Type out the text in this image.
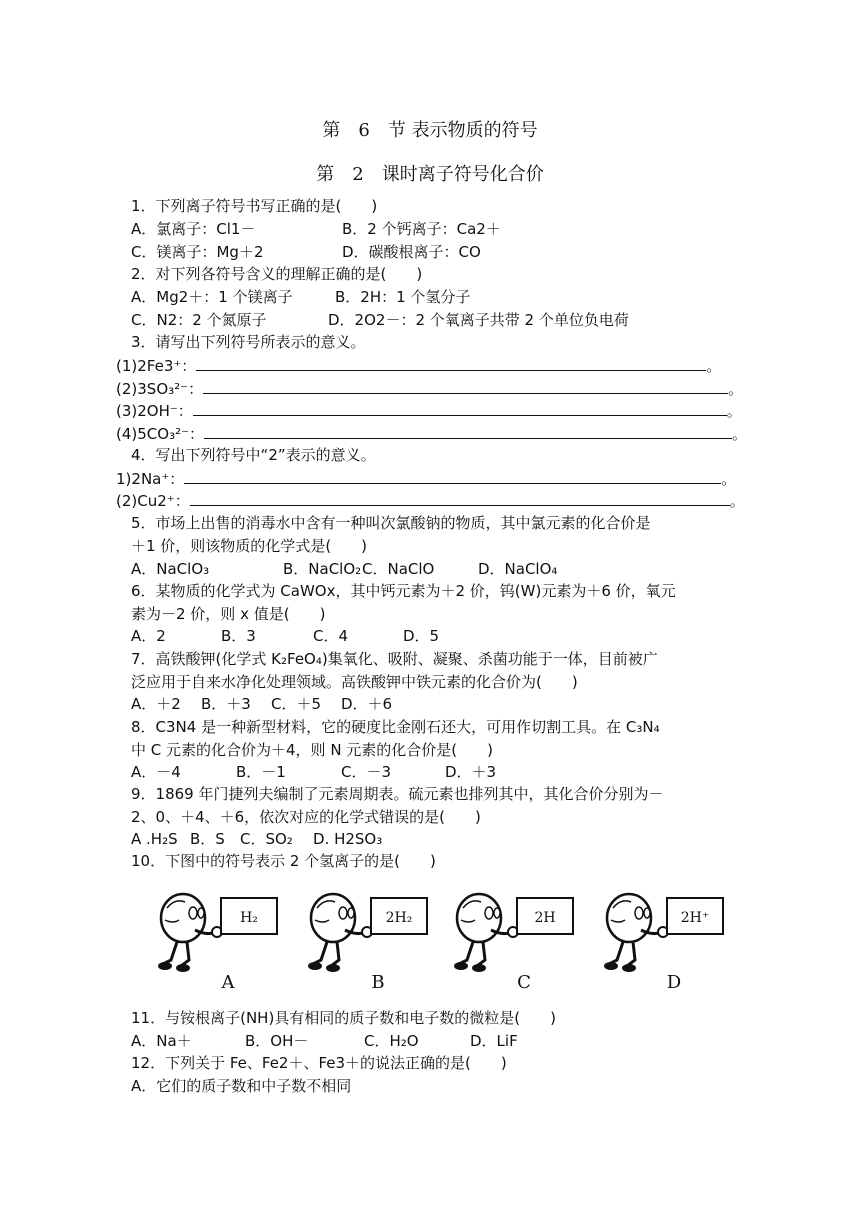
第　6　节 表示物质的符号
第　2　课时离子符号化合价
1．下列离子符号书写正确的是(　　)
A．氯离子：Cl1－	B．2 个钙离子：Ca2＋
C．镁离子：Mg＋2	D．碳酸根离子：CO
2．对下列各符号含义的理解正确的是(　　)
A．Mg2＋：1 个镁离子	B．2H：1 个氢分子
C．N2：2 个氮原子	D．2O2－：2 个氧离子共带 2 个单位负电荷
3．请写出下列符号所表示的意义。
(1)2Fe3⁺：	。
(2)3SO₃²⁻：	。
(3)2OH⁻：	。
(4)5CO₃²⁻：	。
4．写出下列符号中“2”表示的意义。
1)2Na⁺：	。
(2)Cu2⁺：	。
5．市场上出售的消毒水中含有一种叫次氯酸钠的物质，其中氯元素的化合价是
＋1 价，则该物质的化学式是(　　)
A．NaClO₃	B．NaClO₂ C．NaClO	D．NaClO₄
6．某物质的化学式为 CaWOx，其中钙元素为＋2 价，钨(W)元素为＋6 价，氧元
素为－2 价，则 x 值是(　　)
A．2	B．3	C．4	D．5
7．高铁酸钾(化学式 K₂FeO₄)集氧化、吸附、凝聚、杀菌功能于一体，目前被广
泛应用于自来水净化处理领域。高铁酸钾中铁元素的化合价为(　　)
A．＋2 B．＋3 C．＋5 D．＋6
8．C3N4 是一种新型材料，它的硬度比金刚石还大，可用作切割工具。在 C₃N₄
中 C 元素的化合价为＋4，则 N 元素的化合价是(　　)
A．－4	B．－1	C．－3	D．＋3
9．1869 年门捷列夫编制了元素周期表。硫元素也排列其中，其化合价分别为－
2、0、＋4、＋6，依次对应的化学式错误的是(　　)
A .H₂S B．S C．SO₂ D. H2SO₃
10．下图中的符号表示 2 个氢离子的是(　　)
H₂
A
2H₂
B
2H
C
2H⁺
D
11．与铵根离子(NH)具有相同的质子数和电子数的微粒是(　　)
A．Na＋	B．OH－	C．H₂O	D．LiF
12．下列关于 Fe、Fe2＋、Fe3＋的说法正确的是(　　)
A．它们的质子数和中子数不相同
